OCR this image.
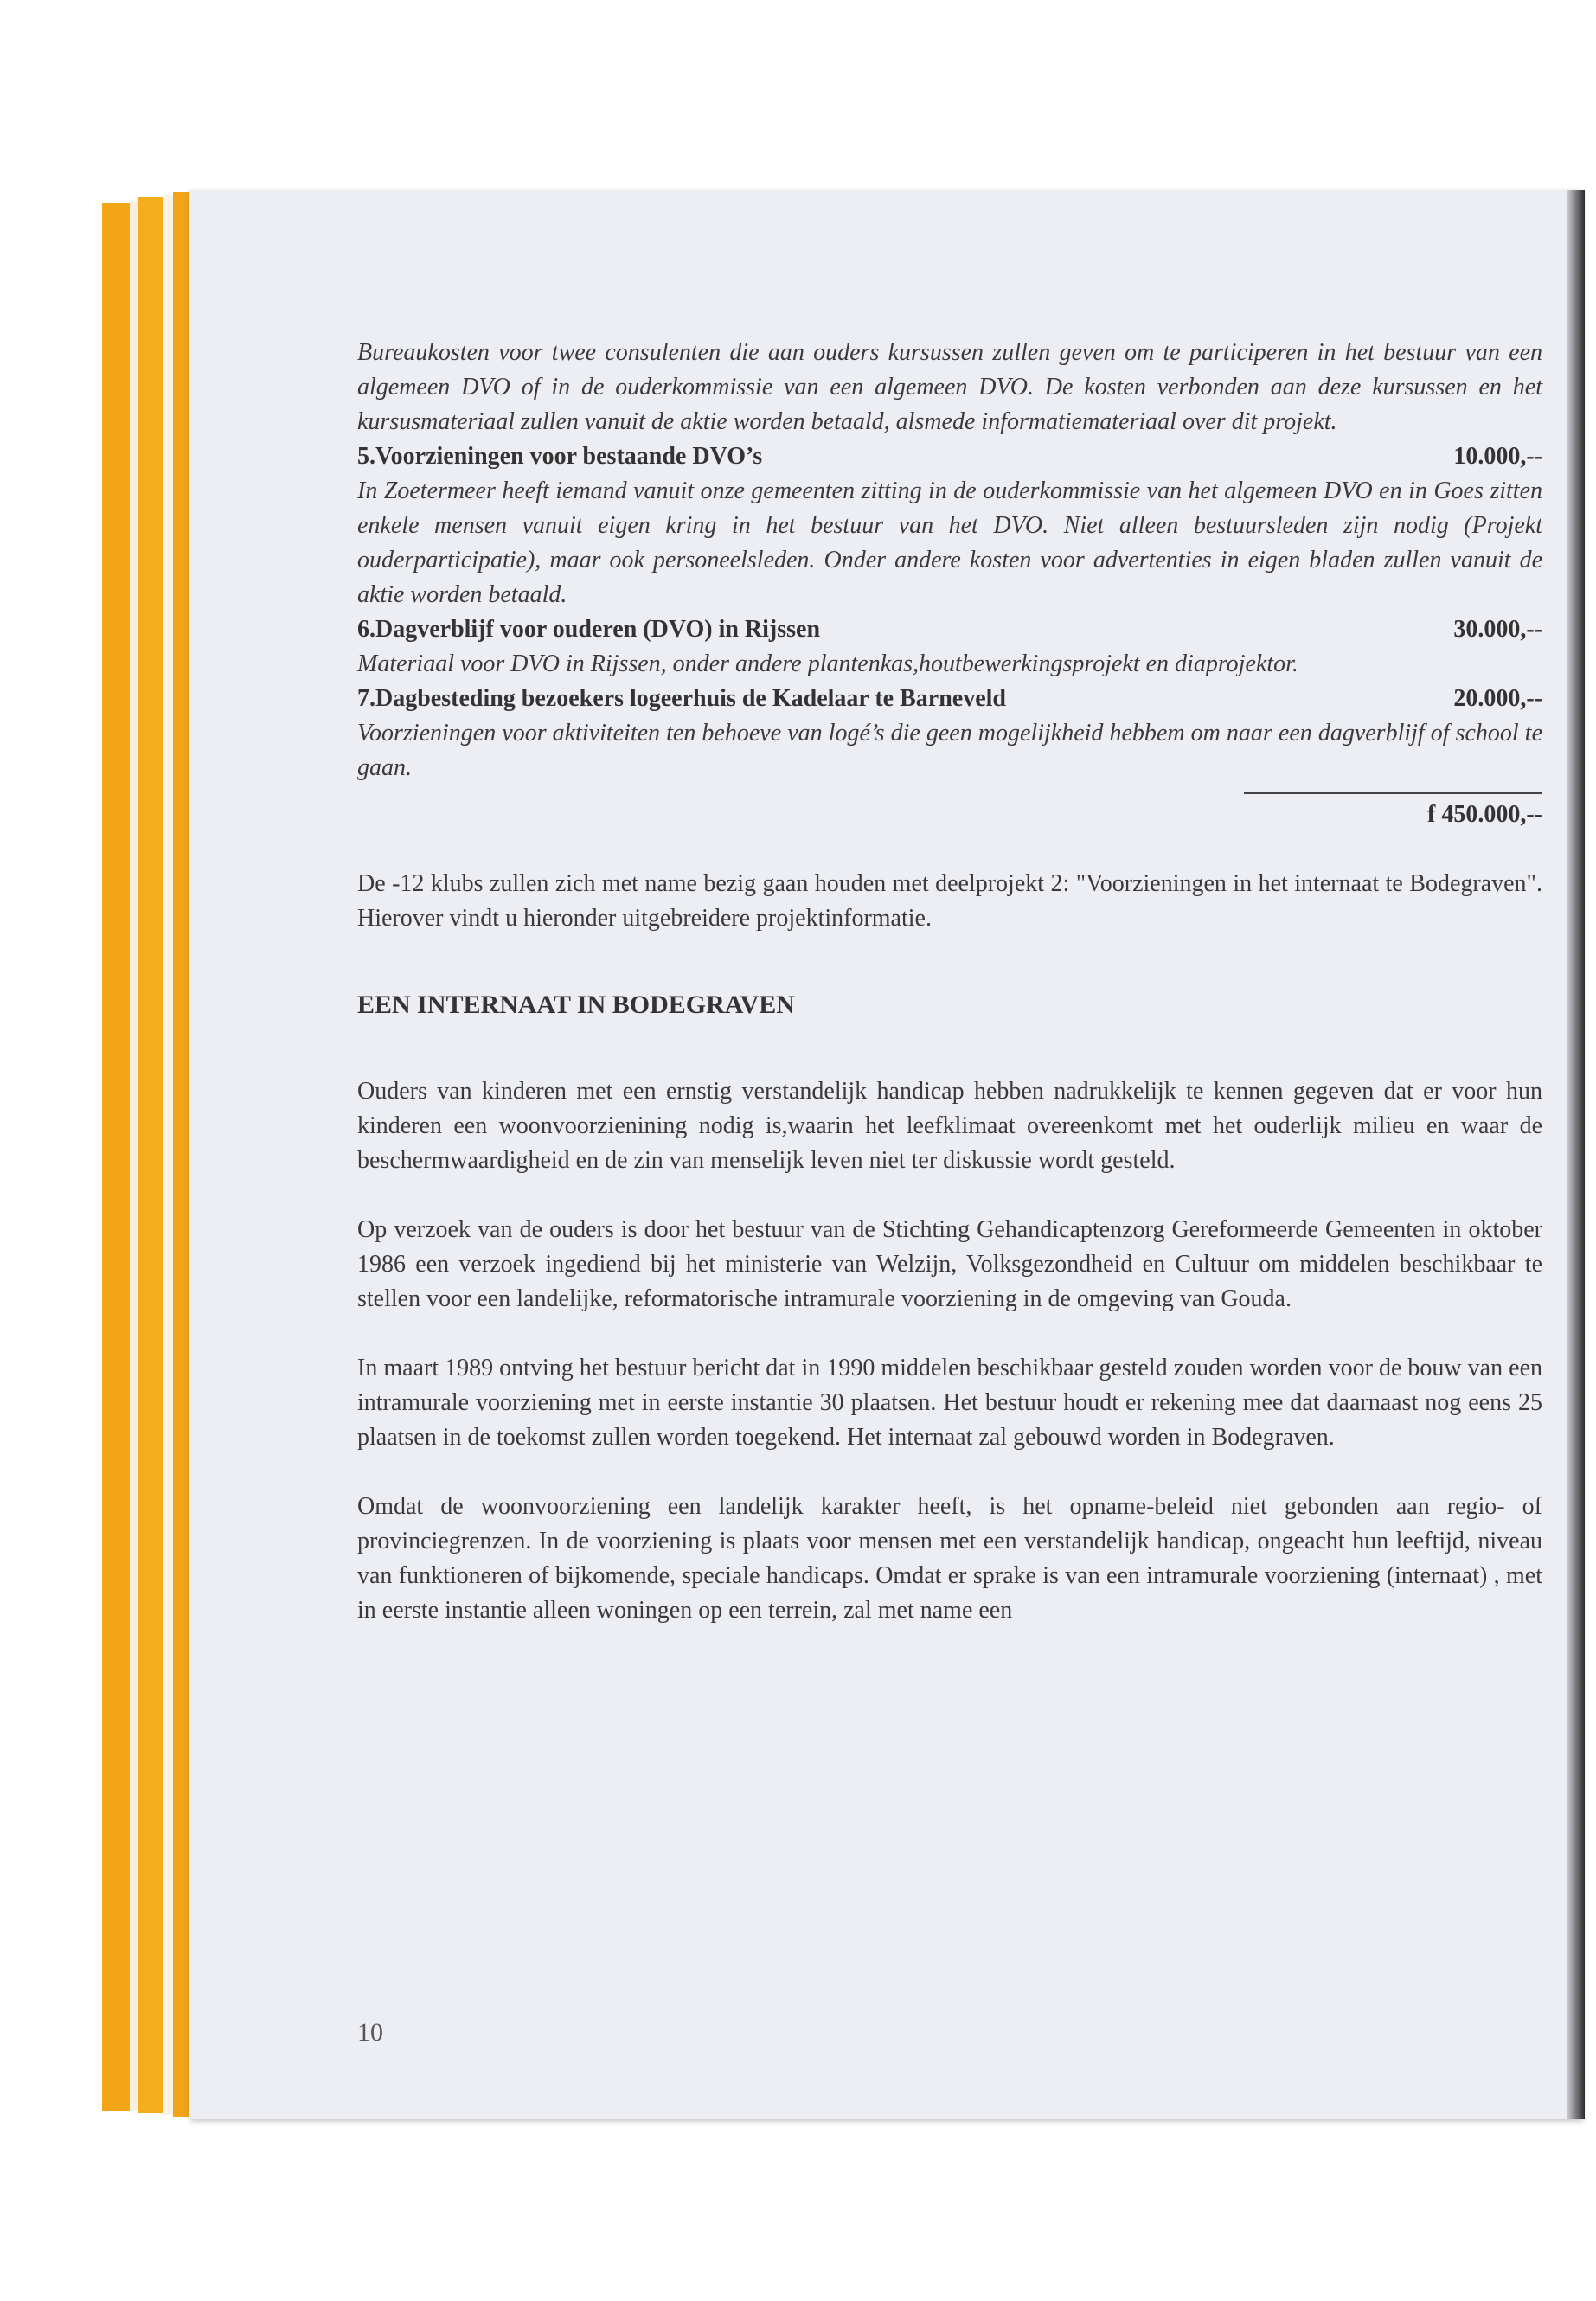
Bureaukosten voor twee consulenten die aan ouders kursussen zullen geven om te participeren in het bestuur van een algemeen DVO of in de ouderkommissie van een algemeen DVO. De kosten verbonden aan deze kursussen en het kursusmateriaal zullen vanuit de aktie worden betaald, alsmede informatiemateriaal over dit projekt.

5.Voorzieningen voor bestaande DVO’s	10.000,--

In Zoetermeer heeft iemand vanuit onze gemeenten zitting in de ouderkommissie van het algemeen DVO en in Goes zitten enkele mensen vanuit eigen kring in het bestuur van het DVO. Niet alleen bestuursleden zijn nodig (Projekt ouderparticipatie), maar ook personeelsleden. Onder andere kosten voor advertenties in eigen bladen zullen vanuit de aktie worden betaald.

6.Dagverblijf voor ouderen (DVO) in Rijssen	30.000,--

Materiaal voor DVO in Rijssen, onder andere plantenkas,houtbewerkingsprojekt en diaprojektor.

7.Dagbesteding bezoekers logeerhuis de Kadelaar te Barneveld	20.000,--

Voorzieningen voor aktiviteiten ten behoeve van logé’s die geen mogelijkheid hebbem om naar een dagverblijf of school te gaan.

f 450.000,--

De -12 klubs zullen zich met name bezig gaan houden met deelprojekt 2: "Voorzieningen in het internaat te Bodegraven". Hierover vindt u hieronder uitgebreidere projektinformatie.

EEN INTERNAAT IN BODEGRAVEN

Ouders van kinderen met een ernstig verstandelijk handicap hebben nadrukkelijk te kennen gegeven dat er voor hun kinderen een woonvoorzienining nodig is,waarin het leefklimaat overeenkomt met het ouderlijk milieu en waar de beschermwaardigheid en de zin van menselijk leven niet ter diskussie wordt gesteld.

Op verzoek van de ouders is door het bestuur van de Stichting Gehandicaptenzorg Gereformeerde Gemeenten in oktober 1986 een verzoek ingediend bij het ministerie van Welzijn, Volksgezondheid en Cultuur om middelen beschikbaar te stellen voor een landelijke, reformatorische intramurale voorziening in de omgeving van Gouda.

In maart 1989 ontving het bestuur bericht dat in 1990 middelen beschikbaar gesteld zouden worden voor de bouw van een intramurale voorziening met in eerste instantie 30 plaatsen. Het bestuur houdt er rekening mee dat daarnaast nog eens 25 plaatsen in de toekomst zullen worden toegekend. Het internaat zal gebouwd worden in Bodegraven.

Omdat de woonvoorziening een landelijk karakter heeft, is het opname-beleid niet gebonden aan regio- of provinciegrenzen. In de voorziening is plaats voor mensen met een verstandelijk handicap, ongeacht hun leeftijd, niveau van funktioneren of bijkomende, speciale handicaps. Omdat er sprake is van een intramurale voorziening (internaat) , met in eerste instantie alleen woningen op een terrein, zal met name een

10
